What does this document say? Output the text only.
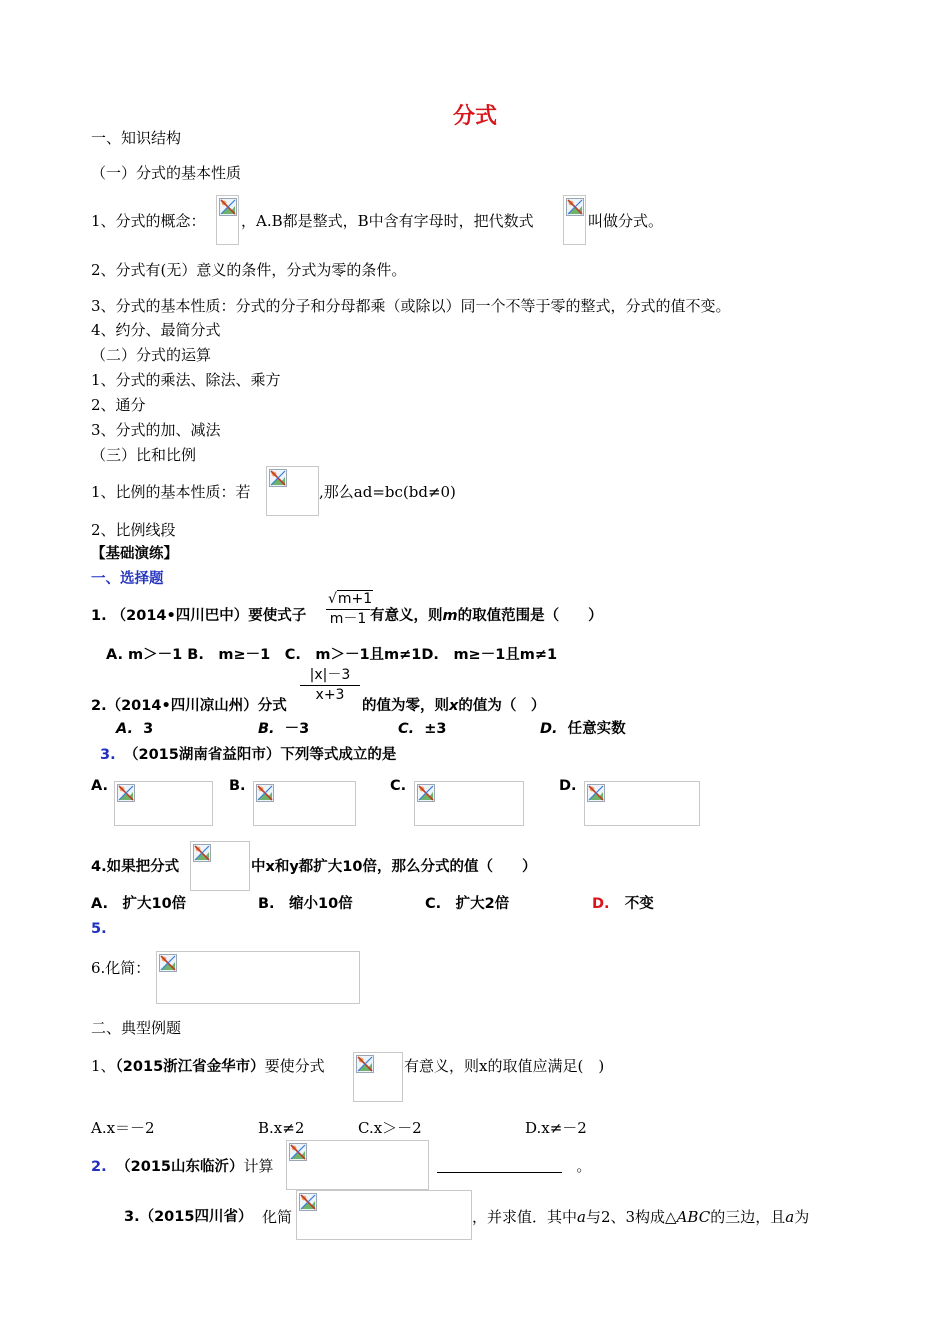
分式
一、知识结构
（一）分式的基本性质
1、分式的概念： ，A.B都是整式，B中含有字母时，把代数式	叫做分式。
2、分式有(无）意义的条件，分式为零的条件。
3、分式的基本性质：分式的分子和分母都乘（或除以）同一个不等于零的整式，分式的值不变。
4、约分、最简分式
（二）分式的运算
1、分式的乘法、除法、乘方
2、通分
3、分式的加、减法
（三）比和比例
1、比例的基本性质：若	,那么ad=bc(bd≠0)
2、比例线段
【基础演练】
一、选择题
1. （2014•四川巴中）要使式子 $\frac{√m+1}{m-1}$ 有意义，则m的取值范围是（　　）
A. m＞－1 B.　m≥－1　C.　m＞－1且m≠1D.　m≥－1且m≠1
$\frac{|x|-3}{x+3}$
2.（2014•四川凉山州）分式	的值为零，则x的值为（　）
A. 3	B. －3	C. ±3	D. 任意实数
3. （2015湖南省益阳市）下列等式成立的是
A.	B.	C.	D.
4.如果把分式	中x和y都扩大10倍，那么分式的值（　　）
A.　扩大10倍	B.　缩小10倍	C.　扩大2倍	D. 不变
5.
6.化简：
二、典型例题
1、（2015浙江省金华市）要使分式	有意义，则x的取值应满足(　)
A.x＝－2	B.x≠2	C.x＞－2	D.x≠－2
2. （2015山东临沂）计算	。
3.（2015四川省） 化简	，并求值．其中a与2、3构成△ABC的三边，且a为
